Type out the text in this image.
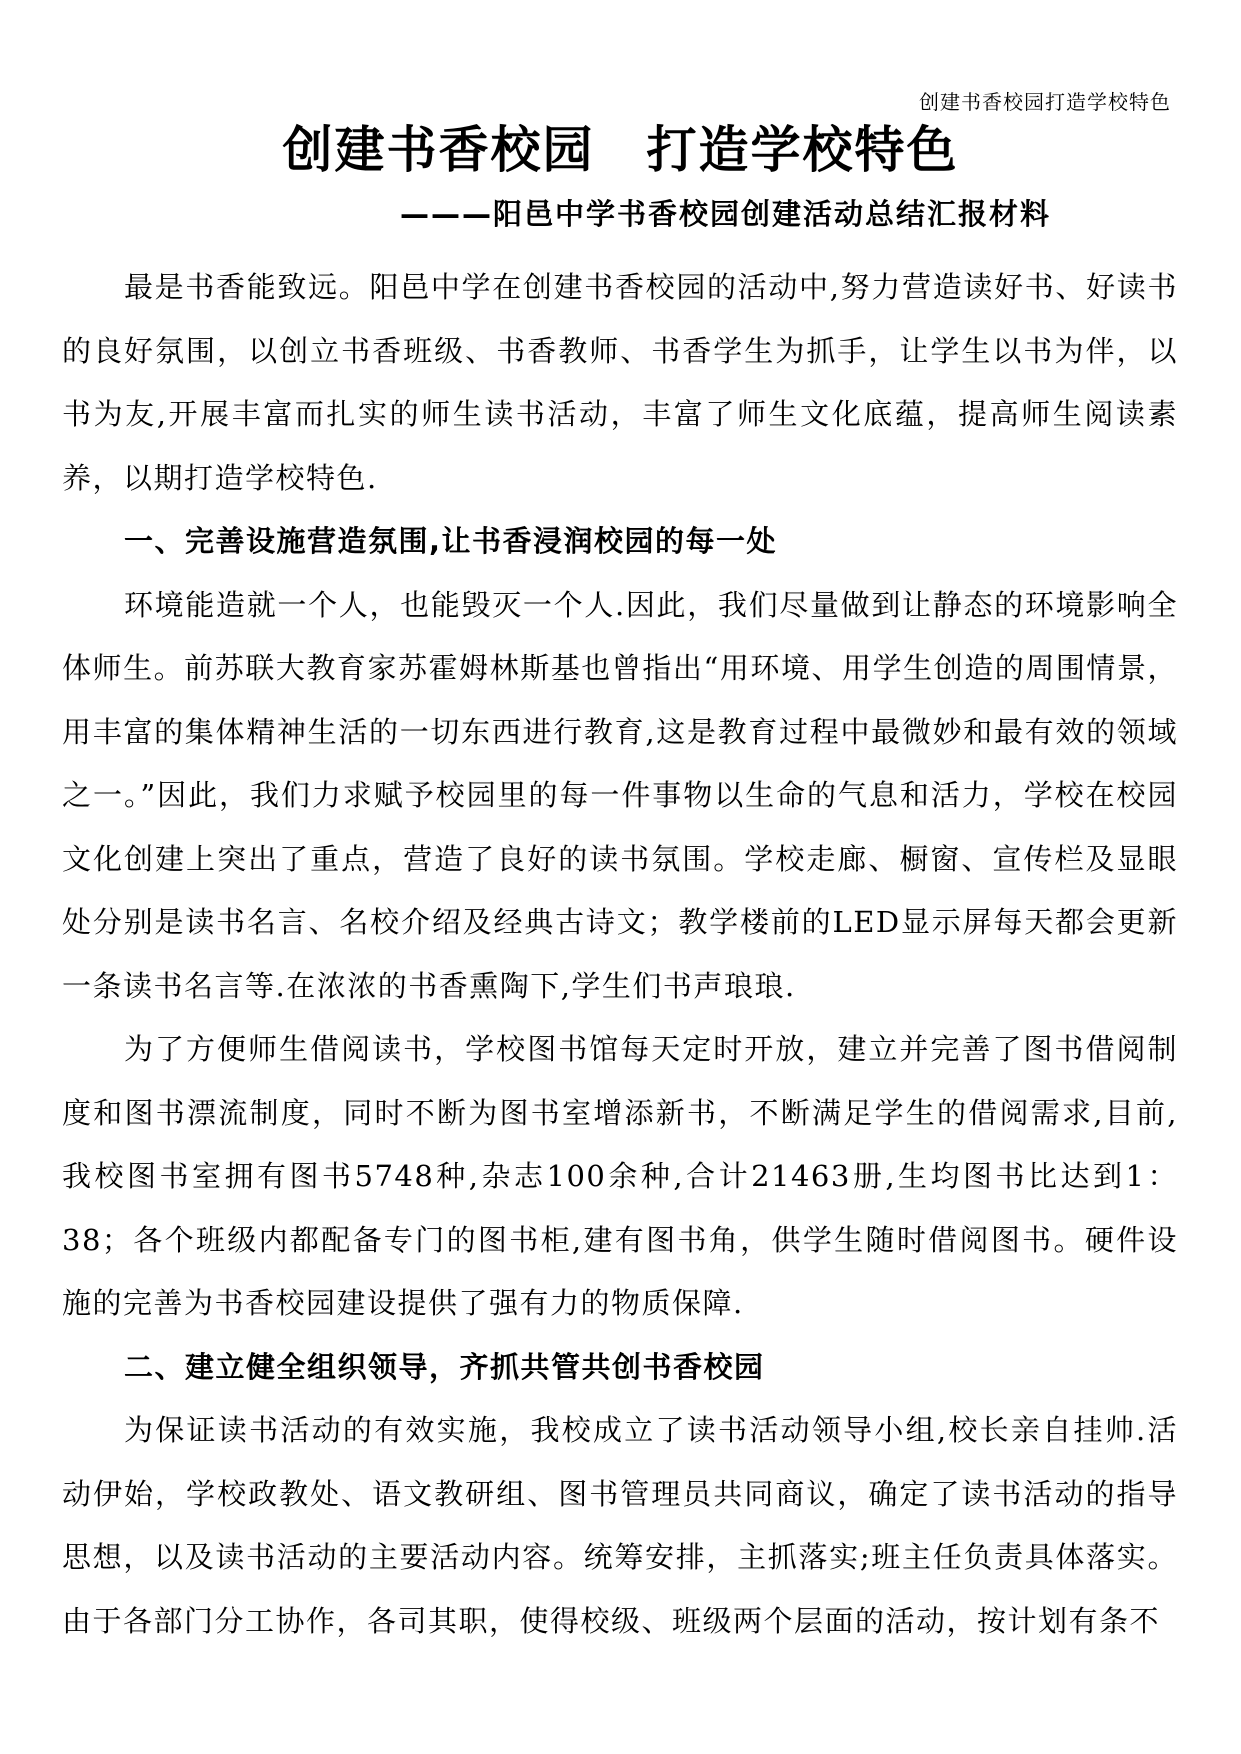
创建书香校园打造学校特色
创建书香校园　打造学校特色
———阳邑中学书香校园创建活动总结汇报材料

最是书香能致远。阳邑中学在创建书香校园的活动中,努力营造读好书、好读书的良好氛围，以创立书香班级、书香教师、书香学生为抓手，让学生以书为伴，以书为友,开展丰富而扎实的师生读书活动，丰富了师生文化底蕴，提高师生阅读素养，以期打造学校特色.

一、完善设施营造氛围,让书香浸润校园的每一处

环境能造就一个人，也能毁灭一个人.因此，我们尽量做到让静态的环境影响全体师生。前苏联大教育家苏霍姆林斯基也曾指出“用环境、用学生创造的周围情景，用丰富的集体精神生活的一切东西进行教育,这是教育过程中最微妙和最有效的领域之一。”因此，我们力求赋予校园里的每一件事物以生命的气息和活力，学校在校园文化创建上突出了重点，营造了良好的读书氛围。学校走廊、橱窗、宣传栏及显眼处分别是读书名言、名校介绍及经典古诗文；教学楼前的LED显示屏每天都会更新一条读书名言等.在浓浓的书香熏陶下,学生们书声琅琅.

为了方便师生借阅读书，学校图书馆每天定时开放，建立并完善了图书借阅制度和图书漂流制度，同时不断为图书室增添新书，不断满足学生的借阅需求,目前,我校图书室拥有图书5748种,杂志100余种,合计21463册,生均图书比达到1：38；各个班级内都配备专门的图书柜,建有图书角，供学生随时借阅图书。硬件设施的完善为书香校园建设提供了强有力的物质保障.

二、建立健全组织领导，齐抓共管共创书香校园

为保证读书活动的有效实施，我校成立了读书活动领导小组,校长亲自挂帅.活动伊始，学校政教处、语文教研组、图书管理员共同商议，确定了读书活动的指导思想，以及读书活动的主要活动内容。统筹安排，主抓落实;班主任负责具体落实。由于各部门分工协作，各司其职，使得校级、班级两个层面的活动，按计划有条不
